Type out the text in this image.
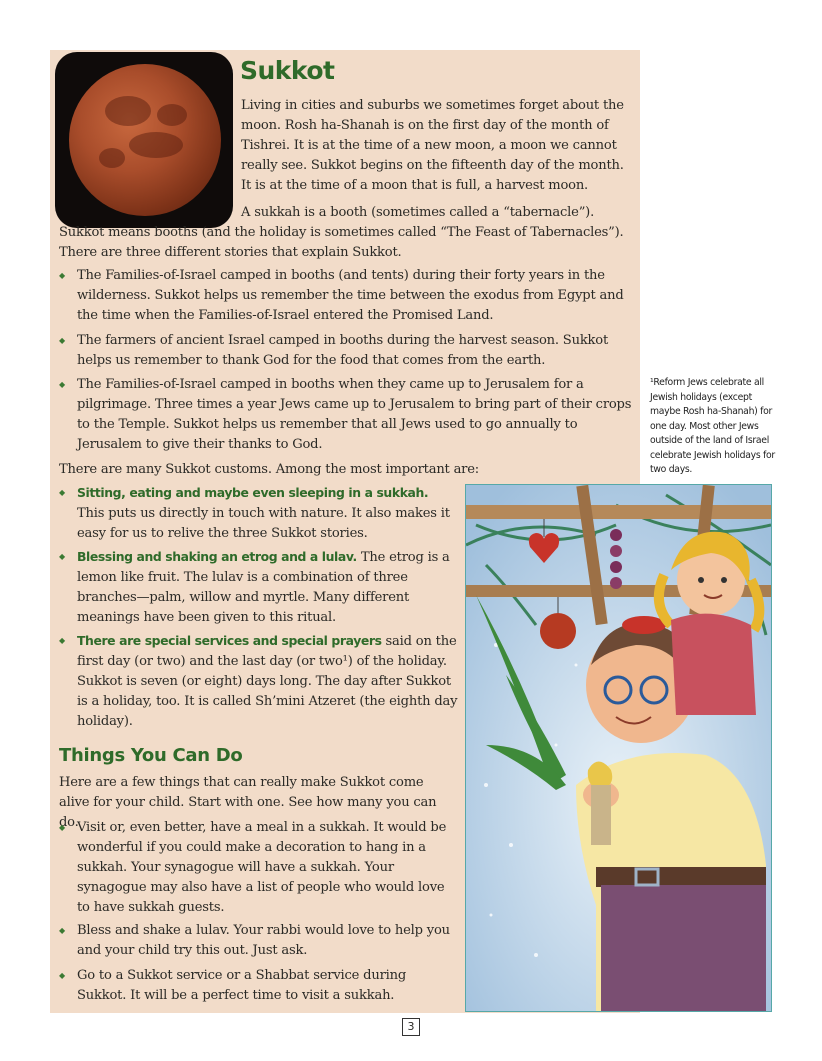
Sukkot

Living in cities and suburbs we sometimes forget about the moon. Rosh ha-Shanah is on the first day of the month of Tishrei. It is at the time of a new moon, a moon we cannot really see. Sukkot begins on the fifteenth day of the month. It is at the time of a moon that is full, a harvest moon.

A sukkah is a booth (sometimes called a “tabernacle”). Sukkot means booths (and the holiday is sometimes called “The Feast of Tabernacles”). There are three different stories that explain Sukkot.

◆ The Families-of-Israel camped in booths (and tents) during their forty years in the wilderness. Sukkot helps us remember the time between the exodus from Egypt and the time when the Families-of-Israel entered the Promised Land.

◆ The farmers of ancient Israel camped in booths during the harvest season. Sukkot helps us remember to thank God for the food that comes from the earth.

◆ The Families-of-Israel camped in booths when they came up to Jerusalem for a pilgrimage. Three times a year Jews came up to Jerusalem to bring part of their crops to the Temple. Sukkot helps us remember that all Jews used to go annually to Jerusalem to give their thanks to God.

There are many Sukkot customs. Among the most important are:

◆ Sitting, eating and maybe even sleeping in a sukkah. This puts us directly in touch with nature. It also makes it easy for us to relive the three Sukkot stories.

◆ Blessing and shaking an etrog and a lulav. The etrog is a lemon like fruit. The lulav is a combination of three branches—palm, willow and myrtle. Many different meanings have been given to this ritual.

◆ There are special services and special prayers said on the first day (or two) and the last day (or two¹) of the holiday. Sukkot is seven (or eight) days long. The day after Sukkot is a holiday, too. It is called Sh’mini Atzeret (the eighth day holiday).

Things You Can Do

Here are a few things that can really make Sukkot come alive for your child. Start with one. See how many you can do.

◆ Visit or, even better, have a meal in a sukkah. It would be wonderful if you could make a decoration to hang in a sukkah. Your synagogue will have a sukkah. Your synagogue may also have a list of people who would love to have sukkah guests.

◆ Bless and shake a lulav. Your rabbi would love to help you and your child try this out. Just ask.

◆ Go to a Sukkot service or a Shabbat service during Sukkot. It will be a perfect time to visit a sukkah.

¹Reform Jews celebrate all Jewish holidays (except maybe Rosh ha-Shanah) for one day. Most other Jews outside of the land of Israel celebrate Jewish holidays for two days.

3
